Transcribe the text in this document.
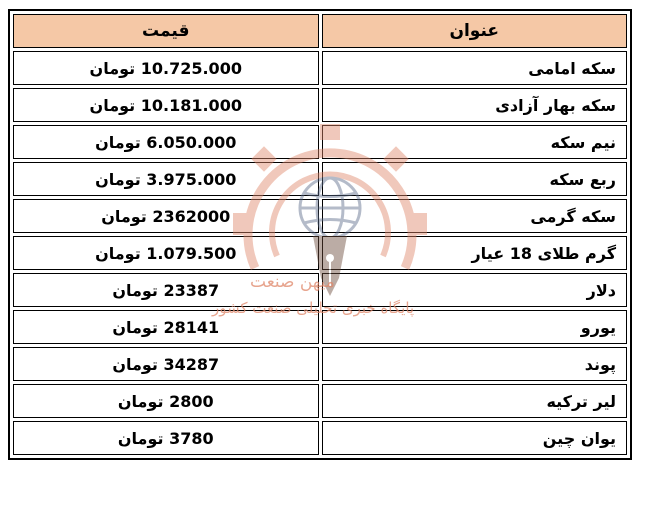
عنوان	قیمت
سکه امامی	10.725.000 تومان
سکه بهار آزادی	10.181.000 تومان
نیم سکه	6.050.000 تومان
ربع سکه	3.975.000 تومان
سکه گرمی	2362000 تومان
گرم طلای 18 عیار	1.079.500 تومان
دلار	23387 تومان
یورو	28141 تومان
پوند	34287 تومان
لیر ترکیه	2800 تومان
یوان چین	3780 تومان
میهن صنعت
پایگاه خبری تحلیلی صنعت کشور
